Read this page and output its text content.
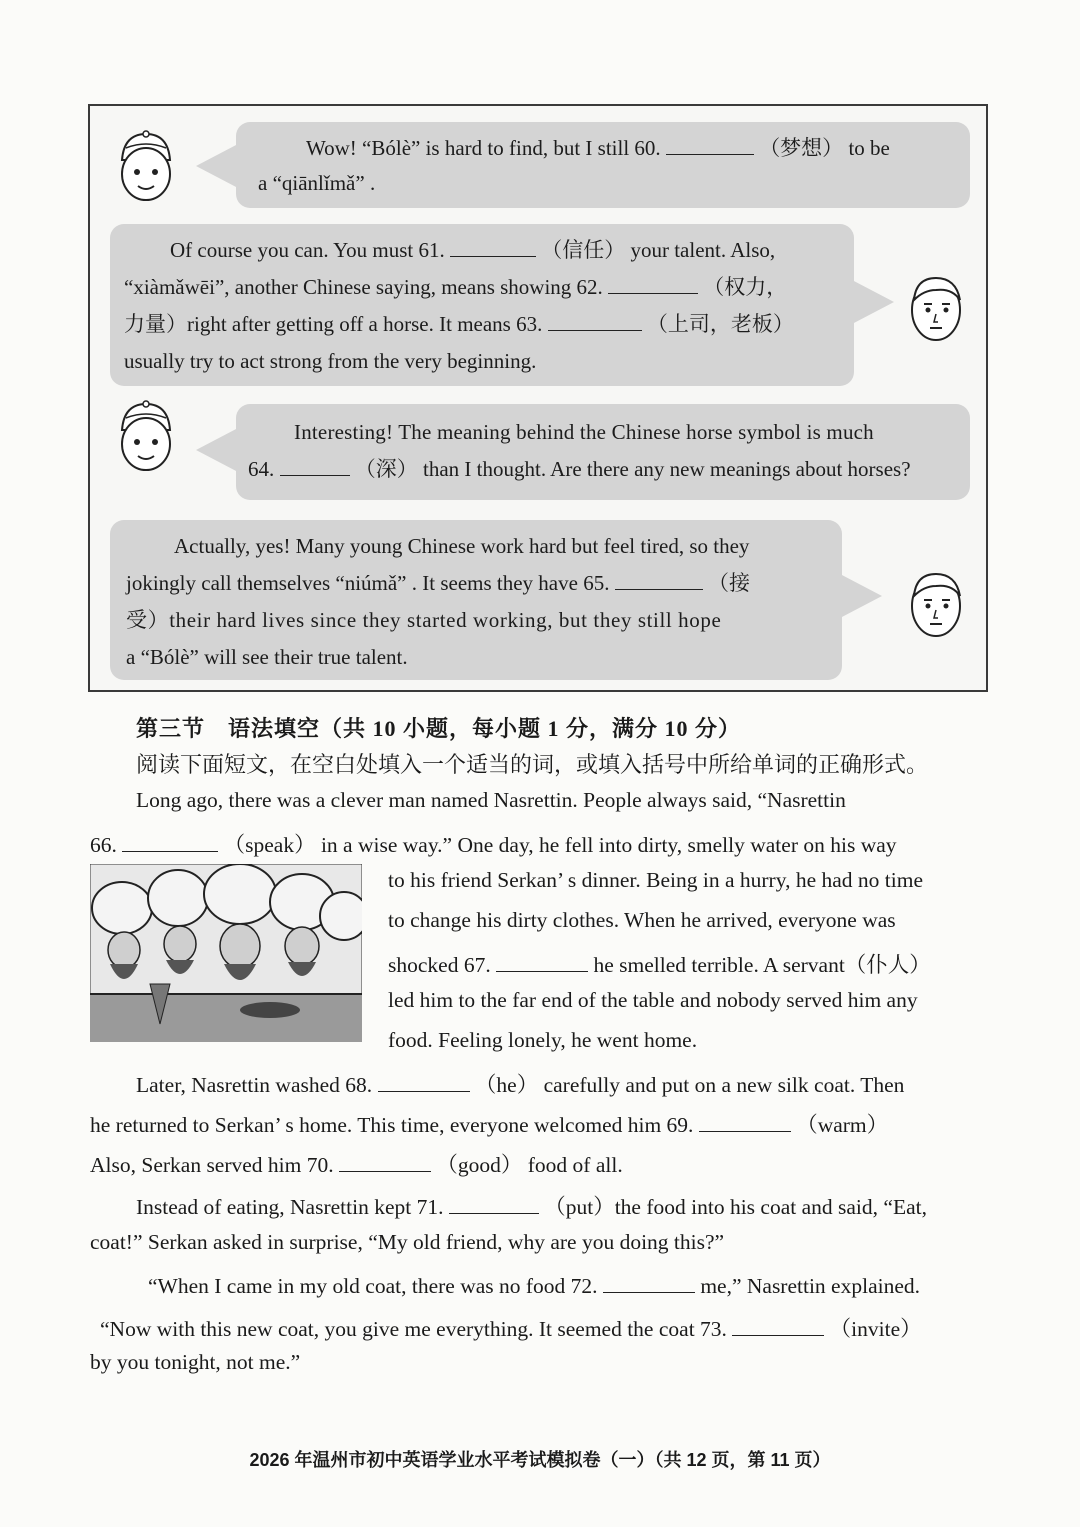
Wow! “Bólè” is hard to find, but I still 60.	（梦想） to be

a “qiānlǐmǎ” .

Of course you can. You must 61.	（信任） your talent. Also,

“xiàmǎwēi”, another Chinese saying, means showing 62.	（权力，

力量）right after getting off a horse. It means 63.	（上司，老板）

usually try to act strong from the very beginning.

Interesting! The meaning behind the Chinese horse symbol is much

64.	（深） than I thought. Are there any new meanings about horses?

Actually, yes! Many young Chinese work hard but feel tired, so they

jokingly call themselves “niúmǎ” . It seems they have 65.	（接

受）their hard lives since they started working, but they still hope

a “Bólè” will see their true talent.

第三节　语法填空（共 10 小题，每小题 1 分，满分 10 分）
阅读下面短文，在空白处填入一个适当的词，或填入括号中所给单词的正确形式。
Long ago, there was a clever man named Nasrettin. People always said, “Nasrettin
66.	（speak） in a wise way.” One day, he fell into dirty, smelly water on his way
to his friend Serkan’ s dinner. Being in a hurry, he had no time
to change his dirty clothes. When he arrived, everyone was
shocked 67.	he smelled terrible. A servant（仆人）
led him to the far end of the table and nobody served him any
food. Feeling lonely, he went home.
Later, Nasrettin washed 68.	（he） carefully and put on a new silk coat. Then
he returned to Serkan’ s home. This time, everyone welcomed him 69.	（warm）
Also, Serkan served him 70.	（good） food of all.
Instead of eating, Nasrettin kept 71.	（put）the food into his coat and said, “Eat,
coat!” Serkan asked in surprise, “My old friend, why are you doing this?”
“When I came in my old coat, there was no food 72.	me,” Nasrettin explained.
“Now with this new coat, you give me everything. It seemed the coat 73.	（invite）
by you tonight, not me.”
2026 年温州市初中英语学业水平考试模拟卷（一）（共 12 页，第 11 页）
